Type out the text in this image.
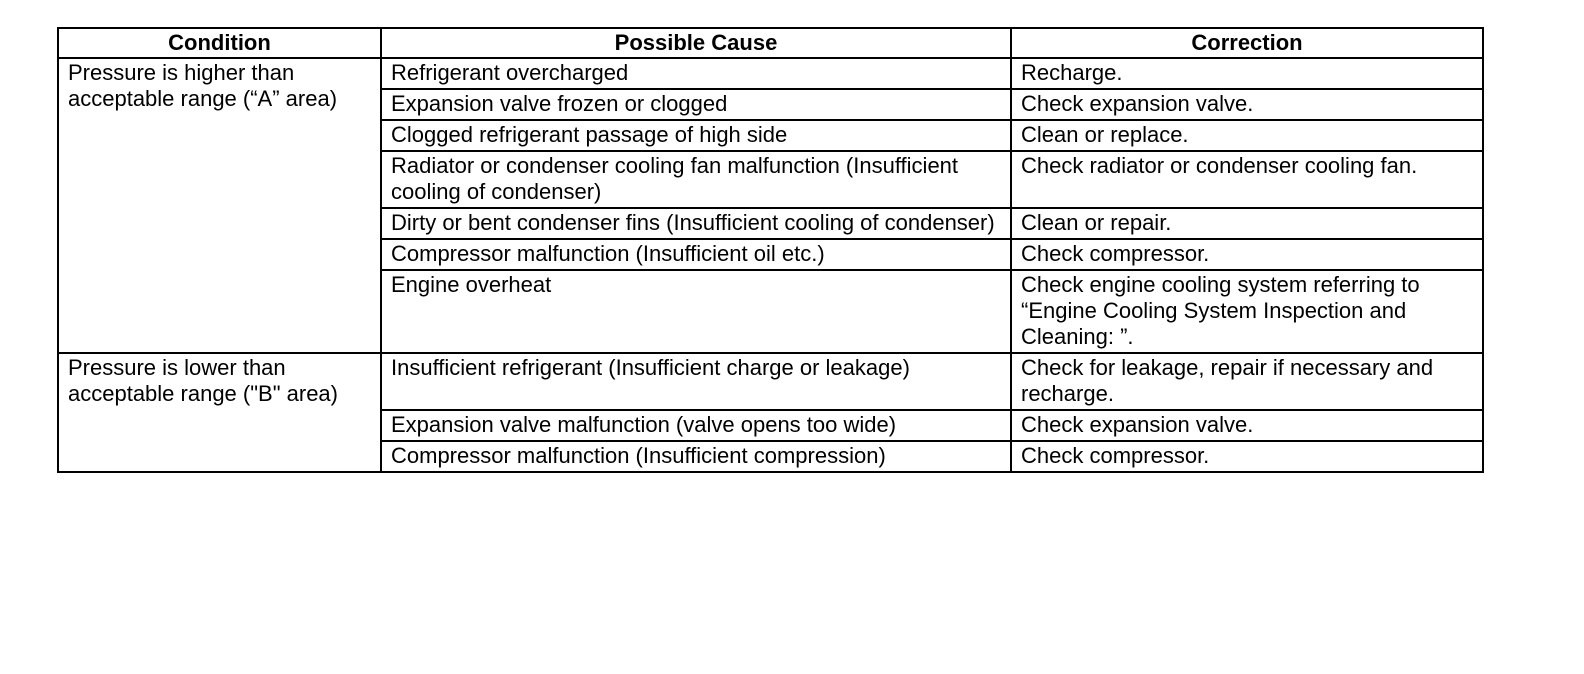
Condition	Possible Cause	Correction
Pressure is higher than acceptable range (“A” area)	Refrigerant overcharged	Recharge.
	Expansion valve frozen or clogged	Check expansion valve.
	Clogged refrigerant passage of high side	Clean or replace.
	Radiator or condenser cooling fan malfunction (Insufficient cooling of condenser)	Check radiator or condenser cooling fan.
	Dirty or bent condenser fins (Insufficient cooling of condenser)	Clean or repair.
	Compressor malfunction (Insufficient oil etc.)	Check compressor.
	Engine overheat	Check engine cooling system referring to “Engine Cooling System Inspection and Cleaning: ”.
Pressure is lower than acceptable range ("B" area)	Insufficient refrigerant (Insufficient charge or leakage)	Check for leakage, repair if necessary and recharge.
	Expansion valve malfunction (valve opens too wide)	Check expansion valve.
	Compressor malfunction (Insufficient compression)	Check compressor.
